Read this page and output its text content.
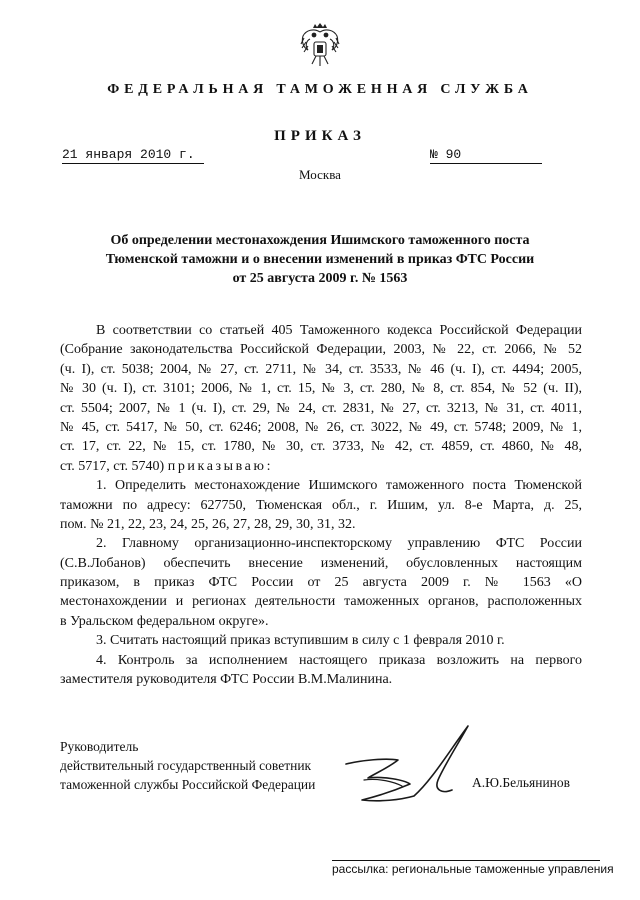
ФЕДЕРАЛЬНАЯ ТАМОЖЕННАЯ СЛУЖБА
ПРИКАЗ
21 января 2010 г.	№ 90
Москва
Об определении местонахождения Ишимского таможенного поста
Тюменской таможни и о внесении изменений в приказ ФТС России
от 25 августа 2009 г. № 1563
В соответствии со статьей 405 Таможенного кодекса Российской Федерации
(Собрание законодательства Российской Федерации, 2003, № 22, ст. 2066, № 52
(ч. I), ст. 5038; 2004, № 27, ст. 2711, № 34, ст. 3533, № 46 (ч. I), ст. 4494; 2005,
№ 30 (ч. I), ст. 3101; 2006, № 1, ст. 15, № 3, ст. 280, № 8, ст. 854, № 52 (ч. II),
ст. 5504; 2007, № 1 (ч. I), ст. 29, № 24, ст. 2831, № 27, ст. 3213, № 31, ст. 4011,
№ 45, ст. 5417, № 50, ст. 6246; 2008, № 26, ст. 3022, № 49, ст. 5748; 2009, № 1,
ст. 17, ст. 22, № 15, ст. 1780, № 30, ст. 3733, № 42, ст. 4859, ст. 4860, № 48,
ст. 5717, ст. 5740) приказываю:
1. Определить местонахождение Ишимского таможенного поста Тюменской
таможни по адресу: 627750, Тюменская обл., г. Ишим, ул. 8-е Марта, д. 25,
пом. № 21, 22, 23, 24, 25, 26, 27, 28, 29, 30, 31, 32.
2. Главному организационно-инспекторскому управлению ФТС России
(С.В.Лобанов) обеспечить внесение изменений, обусловленных настоящим
приказом, в приказ ФТС России от 25 августа 2009 г. № 1563 «О
местонахождении и регионах деятельности таможенных органов, расположенных
в Уральском федеральном округе».
3. Считать настоящий приказ вступившим в силу с 1 февраля 2010 г.
4. Контроль за исполнением настоящего приказа возложить на первого
заместителя руководителя ФТС России В.М.Малинина.
Руководитель
действительный государственный советник
таможенной службы Российской Федерации	А.Ю.Бельянинов
рассылка: региональные таможенные управления
